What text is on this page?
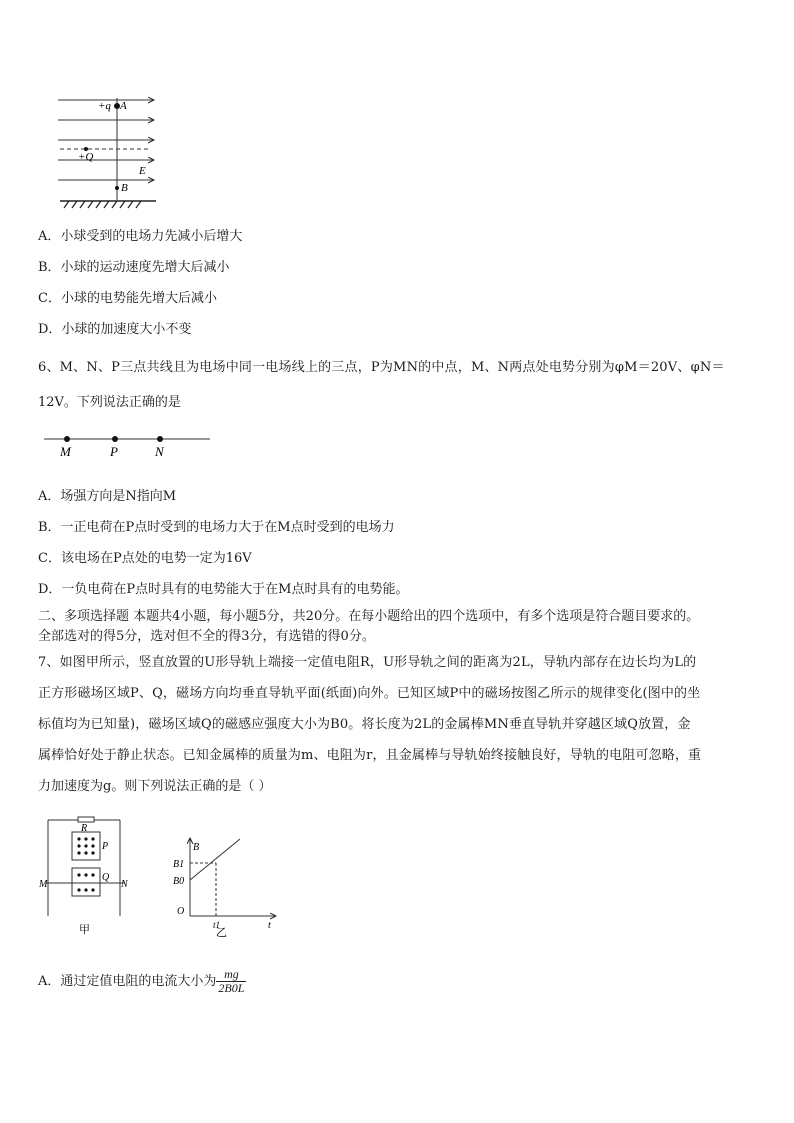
+q A
+Q
E
B
A．小球受到的电场力先减小后增大
B．小球的运动速度先增大后减小
C．小球的电势能先增大后减小
D．小球的加速度大小不变
6、M、N、P三点共线且为电场中同一电场线上的三点，P为MN的中点，M、N两点处电势分别为φM＝20V、φN＝
12V。下列说法正确的是
M	P	N
A．场强方向是N指向M
B．一正电荷在P点时受到的电场力大于在M点时受到的电场力
C．该电场在P点处的电势一定为16V
D．一负电荷在P点时具有的电势能大于在M点时具有的电势能。
二、多项选择题 本题共4小题，每小题5分，共20分。在每小题给出的四个选项中，有多个选项是符合题目要求的。
全部选对的得5分，选对但不全的得3分，有选错的得0分。
7、如图甲所示，竖直放置的U形导轨上端接一定值电阻R，U形导轨之间的距离为2L，导轨内部存在边长均为L的
正方形磁场区域P、Q，磁场方向均垂直导轨平面(纸面)向外。已知区域P中的磁场按图乙所示的规律变化(图中的坐
标值均为已知量)，磁场区域Q的磁感应强度大小为B0。将长度为2L的金属棒MN垂直导轨并穿越区域Q放置，金
属棒恰好处于静止状态。已知金属棒的质量为m、电阻为r，且金属棒与导轨始终接触良好，导轨的电阻可忽略，重
力加速度为g。则下列说法正确的是（ ）
R
P
Q
M	N
甲
B
B1
B0
O
t1	t
乙
A．通过定值电阻的电流大小为 $\frac{mg}{2B0L}$
